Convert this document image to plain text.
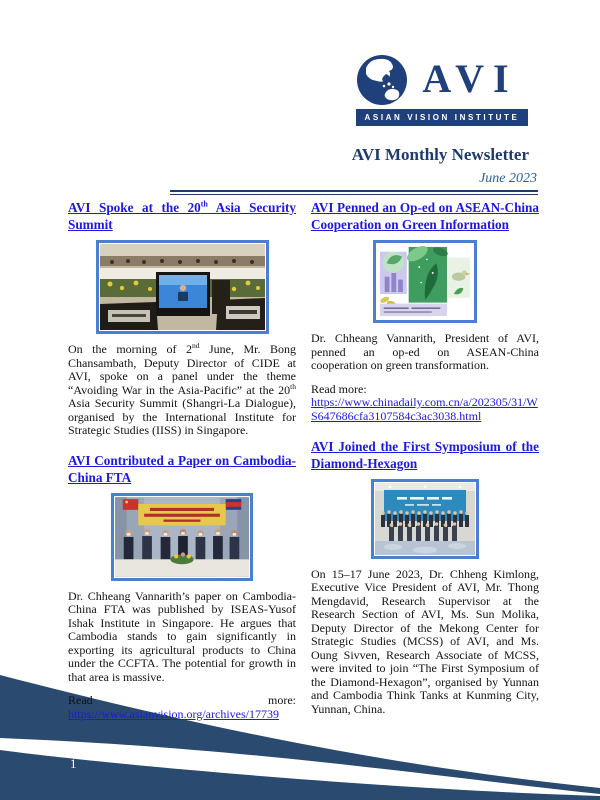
AVI
ASIAN VISION INSTITUTE
AVI Monthly Newsletter
June 2023
AVI Spoke at the 20th Asia Security Summit

On the morning of 2nd June, Mr. Bong Chansambath, Deputy Director of CIDE at AVI, spoke on a panel under the theme “Avoiding War in the Asia-Pacific” at the 20th Asia Security Summit (Shangri-La Dialogue), organised by the International Institute for Strategic Studies (IISS) in Singapore.

AVI Contributed a Paper on Cambodia-China FTA

Dr. Chheang Vannarith’s paper on Cambodia-China FTA was published by ISEAS-Yusof Ishak Institute in Singapore. He argues that Cambodia stands to gain significantly in exporting its agricultural products to China under the CCFTA. The potential for growth in that area is massive.

Read	more:

https://www.asianvision.org/archives/17739
AVI Penned an Op-ed on ASEAN-China Cooperation on Green Information

Dr. Chheang Vannarith, President of AVI, penned an op-ed on ASEAN-China cooperation on green transformation.

Read more:

https://www.chinadaily.com.cn/a/202305/31/WS647686cfa3107584c3ac3038.html
AVI Joined the First Symposium of the Diamond-Hexagon

On 15–17 June 2023, Dr. Chheng Kimlong, Executive Vice President of AVI, Mr. Thong Mengdavid, Research Supervisor at the Research Section of AVI, Ms. Sun Molika, Deputy Director of the Mekong Center for Strategic Studies (MCSS) of AVI, and Ms. Oung Sivven, Research Associate of MCSS, were invited to join “The First Symposium of the Diamond-Hexagon”, organised by Yunnan and Cambodia Think Tanks at Kunming City, Yunnan, China.

1
